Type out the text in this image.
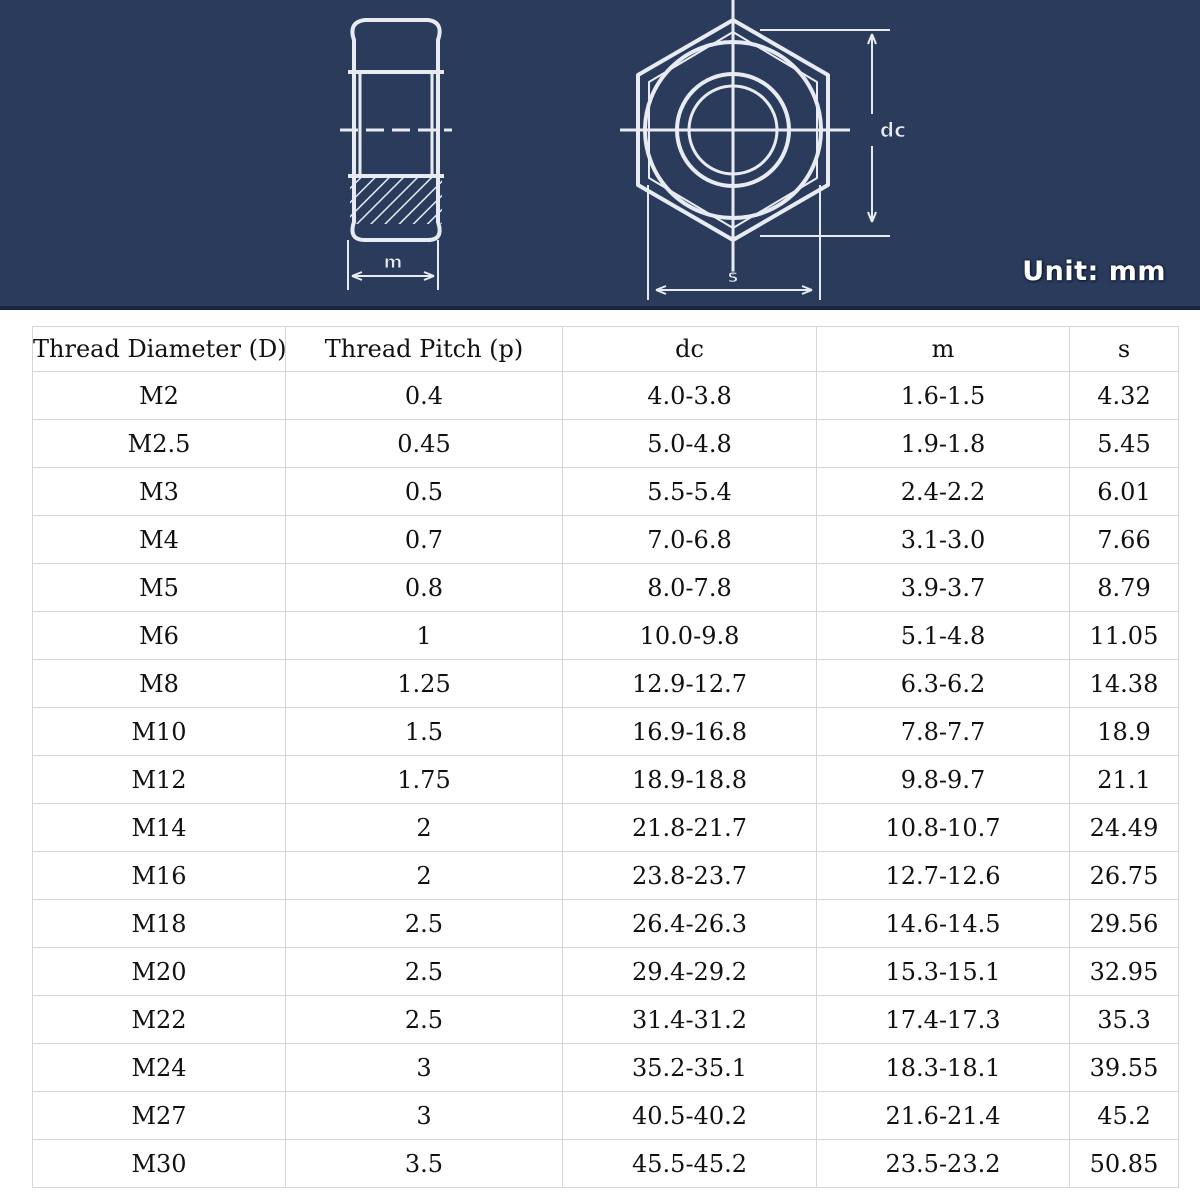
m
s
dc
Unit: mm
Thread Diameter (D)	Thread Pitch (p)	dc	m	s
M2	0.4	4.0-3.8	1.6-1.5	4.32
M2.5	0.45	5.0-4.8	1.9-1.8	5.45
M3	0.5	5.5-5.4	2.4-2.2	6.01
M4	0.7	7.0-6.8	3.1-3.0	7.66
M5	0.8	8.0-7.8	3.9-3.7	8.79
M6	1	10.0-9.8	5.1-4.8	11.05
M8	1.25	12.9-12.7	6.3-6.2	14.38
M10	1.5	16.9-16.8	7.8-7.7	18.9
M12	1.75	18.9-18.8	9.8-9.7	21.1
M14	2	21.8-21.7	10.8-10.7	24.49
M16	2	23.8-23.7	12.7-12.6	26.75
M18	2.5	26.4-26.3	14.6-14.5	29.56
M20	2.5	29.4-29.2	15.3-15.1	32.95
M22	2.5	31.4-31.2	17.4-17.3	35.3
M24	3	35.2-35.1	18.3-18.1	39.55
M27	3	40.5-40.2	21.6-21.4	45.2
M30	3.5	45.5-45.2	23.5-23.2	50.85
